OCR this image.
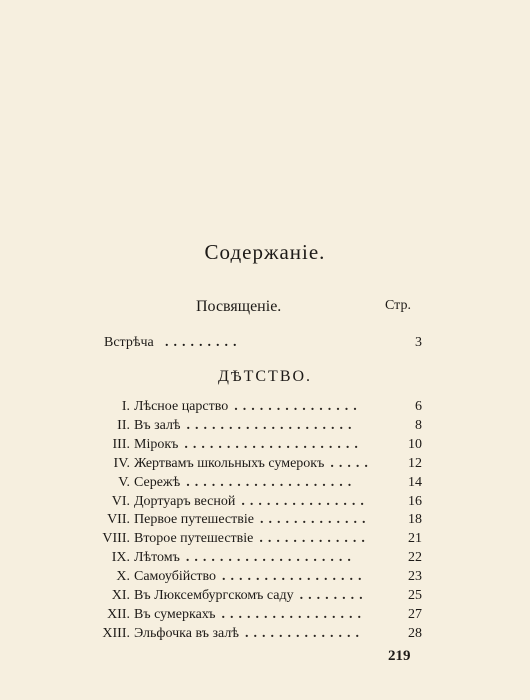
Содержаніе.
Посвященіе.	Стр.
Встрѣча .........	3
ДѢТСТВО.
I. Лѣсное царство	6
...............
II. Въ залѣ	8
....................
III. Мірокъ	10
.....................
IV. Жертвамъ школьныхъ сумерокъ	12
.....
V. Сережѣ	14
....................
VI. Дортуаръ весной	16
...............
VII. Первое путешествіе	18
.............
VIII. Второе путешествіе	21
.............
IX. Лѣтомъ	22
....................
X. Самоубійство	23
.................
XI. Въ Люксембургскомъ саду	25
........
XII. Въ сумеркахъ	27
.................
XIII. Эльфочка въ залѣ	28
..............
219
